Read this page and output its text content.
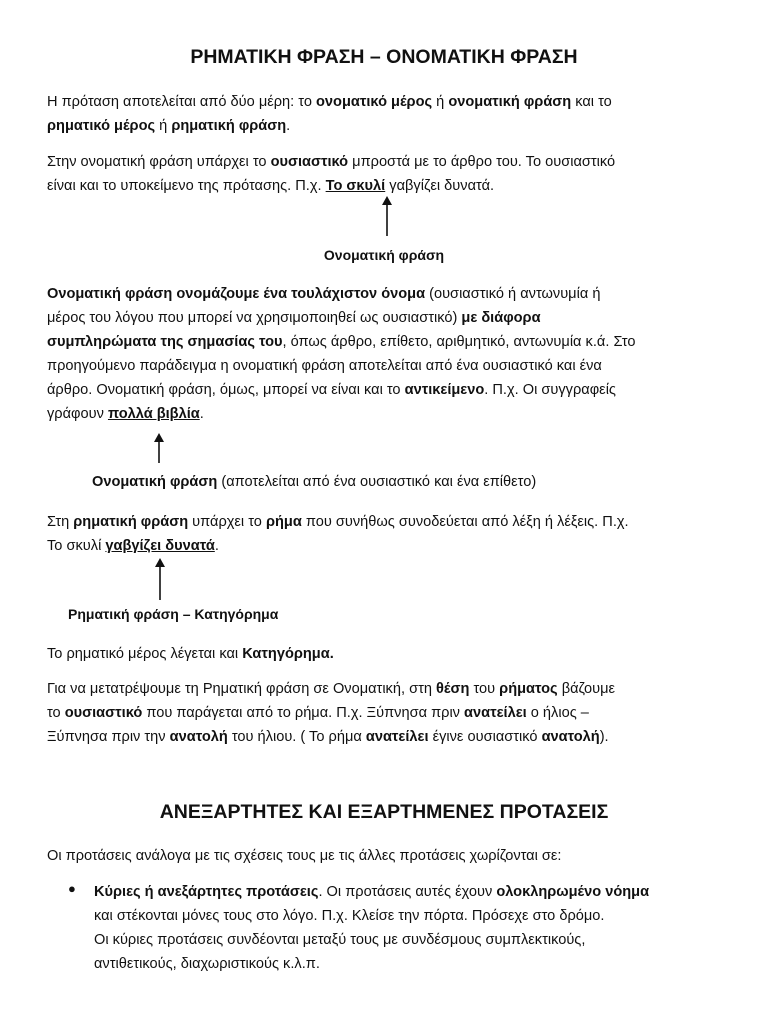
ΡΗΜΑΤΙΚΗ ΦΡΑΣΗ – ΟΝΟΜΑΤΙΚΗ ΦΡΑΣΗ
Η πρόταση αποτελείται από δύο μέρη: το ονοματικό μέρος ή ονοματική φράση και το
ρηματικό μέρος ή ρηματική φράση.
Στην ονοματική φράση υπάρχει το ουσιαστικό μπροστά με το άρθρο του. Το ουσιαστικό
είναι και το υποκείμενο της πρότασης. Π.χ. Το σκυλί γαβγίζει δυνατά.
Ονοματική φράση
Ονοματική φράση ονομάζουμε ένα τουλάχιστον όνομα (ουσιαστικό ή αντωνυμία ή
μέρος του λόγου που μπορεί να χρησιμοποιηθεί ως ουσιαστικό) με διάφορα
συμπληρώματα της σημασίας του, όπως άρθρο, επίθετο, αριθμητικό, αντωνυμία κ.ά. Στο
προηγούμενο παράδειγμα η ονοματική φράση αποτελείται από ένα ουσιαστικό και ένα
άρθρο. Ονοματική φράση, όμως, μπορεί να είναι και το αντικείμενο. Π.χ. Οι συγγραφείς
γράφουν πολλά βιβλία.
Ονοματική φράση (αποτελείται από ένα ουσιαστικό και ένα επίθετο)
Στη ρηματική φράση υπάρχει το ρήμα που συνήθως συνοδεύεται από λέξη ή λέξεις. Π.χ.
Το σκυλί γαβγίζει δυνατά.
Ρηματική φράση – Κατηγόρημα
Το ρηματικό μέρος λέγεται και Κατηγόρημα.
Για να μετατρέψουμε τη Ρηματική φράση σε Ονοματική, στη θέση του ρήματος βάζουμε
το ουσιαστικό που παράγεται από το ρήμα. Π.χ. Ξύπνησα πριν ανατείλει ο ήλιος –
Ξύπνησα πριν την ανατολή του ήλιου. ( Το ρήμα ανατείλει έγινε ουσιαστικό ανατολή).
ΑΝΕΞΑΡΤΗΤΕΣ ΚΑΙ ΕΞΑΡΤΗΜΕΝΕΣ ΠΡΟΤΑΣΕΙΣ
Οι προτάσεις ανάλογα με τις σχέσεις τους με τις άλλες προτάσεις χωρίζονται σε:
● Κύριες ή ανεξάρτητες προτάσεις. Οι προτάσεις αυτές έχουν ολοκληρωμένο νόημα
και στέκονται μόνες τους στο λόγο. Π.χ. Κλείσε την πόρτα. Πρόσεχε στο δρόμο.
Οι κύριες προτάσεις συνδέονται μεταξύ τους με συνδέσμους συμπλεκτικούς,
αντιθετικούς, διαχωριστικούς κ.λ.π.
